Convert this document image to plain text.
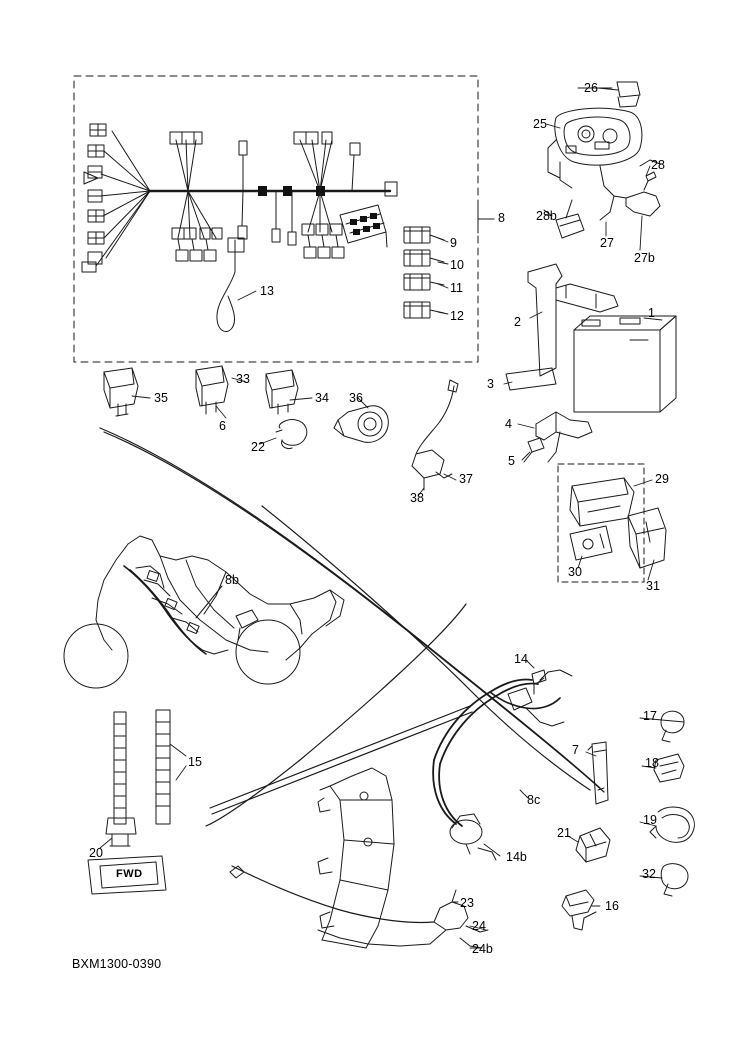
1
2
3
4
5
6
7
8
8b
8c
9
10
11
12
13
14
14b
15
16
17
18
19
20
21
22
23
24
24b
25
26
27
27b
28
28b
29
30
31
32
33
34
35	36
37
38
FWD
BXM1300-0390
